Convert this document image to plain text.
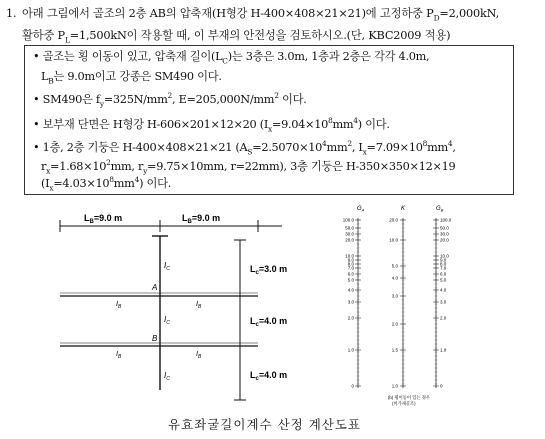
1. 아래 그림에서 골조의 2층 AB의 압축재(H형강 H-400×408×21×21)에 고정하중 $P_D=2,000kN$,
활하중 $P_L=1,500kN$이 작용할 때, 이 부재의 안전성을 검토하시오.(단, KBC2009 적용)
• 골조는 횡 이동이 있고, 압축재 길이$(L_C)$는 3층은 3.0m, 1층과 2층은 각각 4.0m,
$L_B$는 9.0m이고 강종은 SM490 이다.
• SM490은 $f_y=325N/mm^2$, $E=205,000N/mm^2$ 이다.
• 보부재 단면은 H형강 H-606×201×12×20 $(I_x=9.04\times 10^8mm^4)$ 이다.
• 1층, 2층 기둥은 H-400×408×21×21 ($A_S=2.5070\times 10^4mm^2$, $I_x=7.09\times 10^8mm^4$,
$r_x=1.68\times 10^2mm$, $r_y=9.75\times 10mm$, r=22mm), 3층 기둥은 H-350×350×12×19
$(I_x=4.03\times 10^8mm^4)$ 이다.
$L_B=9.0$ m	$L_B=9.0$ m
$I_C$
$I_C$
$I_C$
A
B
$I_B$	$I_B$
$I_B$	$I_B$
$L_c=3.0$ m
$L_c=4.0$ m
$L_c=4.0$ m
$G_A$	K	$G_B$
100.0	100.0
50.0	50.0
30.0	30.0
20.0	20.0
10.0	10.0
9.0	9.0
8.0	8.0
7.0	7.0
6.0	6.0
5.0	5.0
4.0	4.0
3.0	3.0
2.0	2.0
1.0	1.0
0	0
20.0
10.0
5.0
4.0
3.0
2.0
1.5
1.0
(b) 횡이동이 있는 경우
(비가새골조)
유효좌굴길이계수 산정 계산도표
